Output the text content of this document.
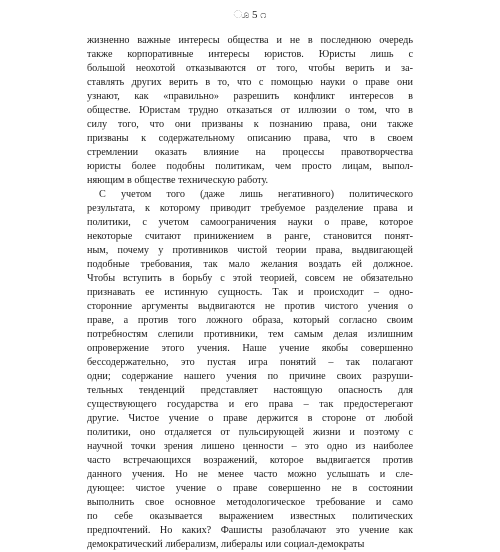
ೂ 5 ೧
жизненно важные интересы общества и не в последнюю очередь
также корпоративные интересы юристов. Юристы лишь с
большой неохотой отказываются от того, чтобы верить и за-
ставлять других верить в то, что с помощью науки о праве они
узнают, как «правильно» разрешить конфликт интересов в
обществе. Юристам трудно отказаться от иллюзии о том, что в
силу того, что они призваны к познанию права, они также
призваны к содержательному описанию права, что в своем
стремлении оказать влияние на процессы правотворчества
юристы более подобны политикам, чем просто лицам, выпол-
няющим в обществе техническую работу.
С учетом того (даже лишь негативного) политического
результата, к которому приводит требуемое разделение права и
политики, с учетом самоограничения науки о праве, которое
некоторые считают принижением в ранге, становится понят-
ным, почему у противников чистой теории права, выдвигающей
подобные требования, так мало желания воздать ей должное.
Чтобы вступить в борьбу с этой теорией, совсем не обязательно
признавать ее истинную сущность. Так и происходит – одно-
сторонние аргументы выдвигаются не против чистого учения о
праве, а против того ложного образа, который согласно своим
потребностям слепили противники, тем самым делая излишним
опровержение этого учения. Наше учение якобы совершенно
бессодержательно, это пустая игра понятий – так полагают
одни; содержание нашего учения по причине своих разруши-
тельных тенденций представляет настоящую опасность для
существующего государства и его права – так предостерегают
другие. Чистое учение о праве держится в стороне от любой
политики, оно отдаляется от пульсирующей жизни и поэтому с
научной точки зрения лишено ценности – это одно из наиболее
часто встречающихся возражений, которое выдвигается против
данного учения. Но не менее часто можно услышать и сле-
дующее: чистое учение о праве совершенно не в состоянии
выполнить свое основное методологическое требование и само
по себе оказывается выражением известных политических
предпочтений. Но каких? Фашисты разоблачают это учение как
демократический либерализм, либералы или социал-демократы
